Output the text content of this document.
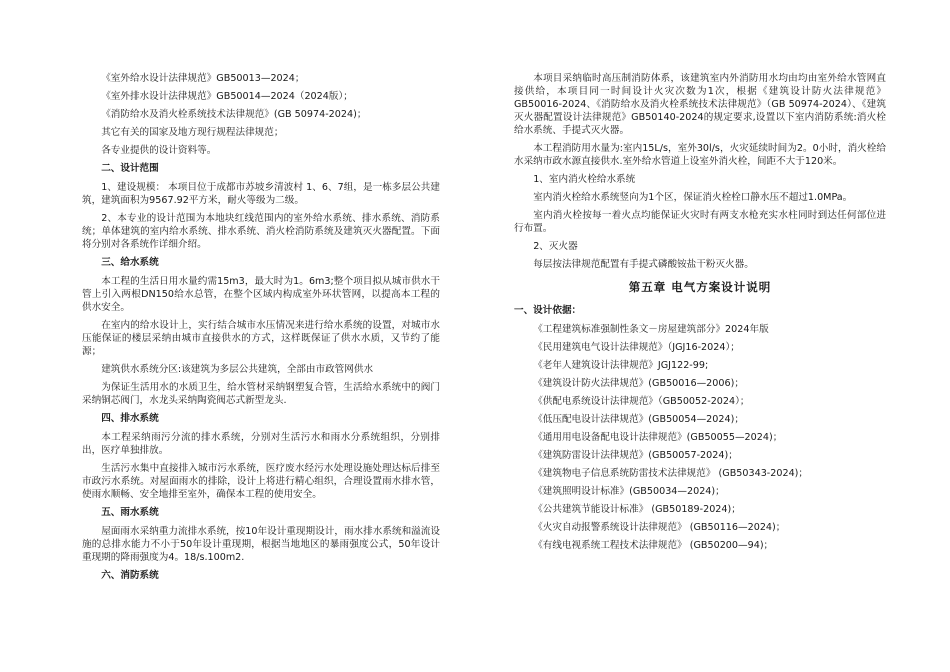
《室外给水设计法律规范》GB50013—2024；

《室外排水设计法律规范》GB50014—2024（2024版）；

《消防给水及消火栓系统技术法律规范》(GB 50974-2024)；

其它有关的国家及地方现行规程法律规范；

各专业提供的设计资料等。

二、设计范围

1、建设规模： 本项目位于成都市苏坡乡清波村 1、6、7组，是一栋多层公共建筑，建筑面积为9567.92平方米，耐火等级为二级。

2、本专业的设计范围为本地块红线范围内的室外给水系统、排水系统、消防系统；单体建筑的室内给水系统、排水系统、消火栓消防系统及建筑灭火器配置。下面将分别对各系统作详细介绍。

三、给水系统

本工程的生活日用水量约需15m3，最大时为1。6m3;整个项目拟从城市供水干管上引入两根DN150给水总管，在整个区域内构成室外环状管网，以提高本工程的供水安全。

在室内的给水设计上，实行结合城市水压情况来进行给水系统的设置，对城市水压能保证的楼层采纳由城市直接供水的方式，这样既保证了供水水质，又节约了能源；

建筑供水系统分区:该建筑为多层公共建筑，全部由市政管网供水

为保证生活用水的水质卫生，给水管材采纳钢塑复合管，生活给水系统中的阀门采纳铜芯阀门，水龙头采纳陶瓷阀芯式新型龙头.

四、排水系统

本工程采纳雨污分流的排水系统，分别对生活污水和雨水分系统组织，分别排出，医疗单独排放。

生活污水集中直接排入城市污水系统，医疗废水经污水处理设施处理达标后排至市政污水系统。对屋面雨水的排除，设计上将进行精心组织，合理设置雨水排水管，使雨水顺畅、安全地排至室外，确保本工程的使用安全。

五、雨水系统

屋面雨水采纳重力流排水系统，按10年设计重现期设计，雨水排水系统和溢流设施的总排水能力不小于50年设计重现期，根据当地地区的暴雨强度公式，50年设计重现期的降雨强度为4。18/s.100m2.

六、消防系统

本项目采纳临时高压制消防体系，该建筑室内外消防用水均由均由室外给水管网直接供给，本项目同一时间设计火灾次数为1次，根据《建筑设计防火法律规范》GB50016-2024、《消防给水及消火栓系统技术法律规范》（GB 50974-2024）、《建筑灭火器配置设计法律规范》GB50140-2024的规定要求,设置以下室内消防系统:消火栓给水系统、手提式灭火器。

本工程消防用水量为:室内15L/s，室外30l/s，火灾延续时间为2。0小时，消火栓给水采纳市政水源直接供水.室外给水管道上设室外消火栓，间距不大于120米。

1、室内消火栓给水系统

室内消火栓给水系统竖向为1个区，保证消火栓栓口静水压不超过1.0MPa。

室内消火栓按每一着火点均能保证火灾时有两支水枪充实水柱同时到达任何部位进行布置。

2、灭火器

每层按法律规范配置有手提式磷酸铵盐干粉灭火器。

第五章 电气方案设计说明

一、设计依据：

《工程建筑标准强制性条文－房屋建筑部分》2024年版

《民用建筑电气设计法律规范》（JGJ16-2024）；

《老年人建筑设计法律规范》JGJ122-99;

《建筑设计防火法律规范》(GB50016—2006)；

《供配电系统设计法律规范》（GB50052-2024）；

《低压配电设计法律规范》(GB50054—2024)；

《通用用电设备配电设计法律规范》(GB50055—2024)；

《建筑防雷设计法律规范》(GB50057-2024)；

《建筑物电子信息系统防雷技术法律规范》 (GB50343-2024)；

《建筑照明设计标准》(GB50034—2024)；

《公共建筑节能设计标准》 (GB50189-2024)；

《火灾自动报警系统设计法律规范》 (GB50116—2024)；

《有线电视系统工程技术法律规范》 (GB50200—94)；
